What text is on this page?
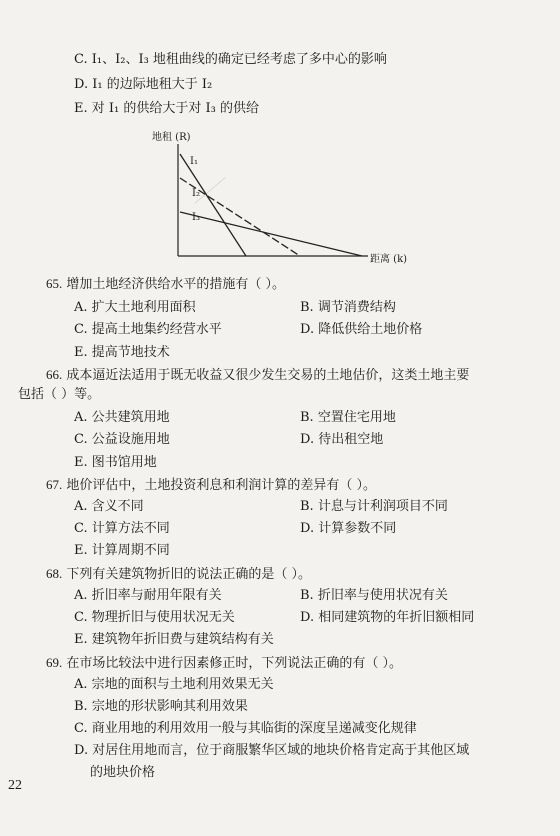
C. I₁、I₂、I₃ 地租曲线的确定已经考虑了多中心的影响
D. I₁ 的边际地租大于 I₂
E. 对 I₁ 的供给大于对 I₃ 的供给
地租 (R)
距离 (k)
I₁
I₂
I₃
65. 增加土地经济供给水平的措施有（ ）。
A. 扩大土地利用面积	B. 调节消费结构
C. 提高土地集约经营水平	D. 降低供给土地价格
E. 提高节地技术
66. 成本逼近法适用于既无收益又很少发生交易的土地估价，这类土地主要
包括（ ）等。
A. 公共建筑用地	B. 空置住宅用地
C. 公益设施用地	D. 待出租空地
E. 图书馆用地
67. 地价评估中，土地投资利息和利润计算的差异有（ ）。
A. 含义不同	B. 计息与计利润项目不同
C. 计算方法不同	D. 计算参数不同
E. 计算周期不同
68. 下列有关建筑物折旧的说法正确的是（ ）。
A. 折旧率与耐用年限有关	B. 折旧率与使用状况有关
C. 物理折旧与使用状况无关	D. 相同建筑物的年折旧额相同
E. 建筑物年折旧费与建筑结构有关
69. 在市场比较法中进行因素修正时，下列说法正确的有（ ）。
A. 宗地的面积与土地利用效果无关
B. 宗地的形状影响其利用效果
C. 商业用地的利用效用一般与其临街的深度呈递减变化规律
D. 对居住用地而言，位于商服繁华区域的地块价格肯定高于其他区域
的地块价格
22
